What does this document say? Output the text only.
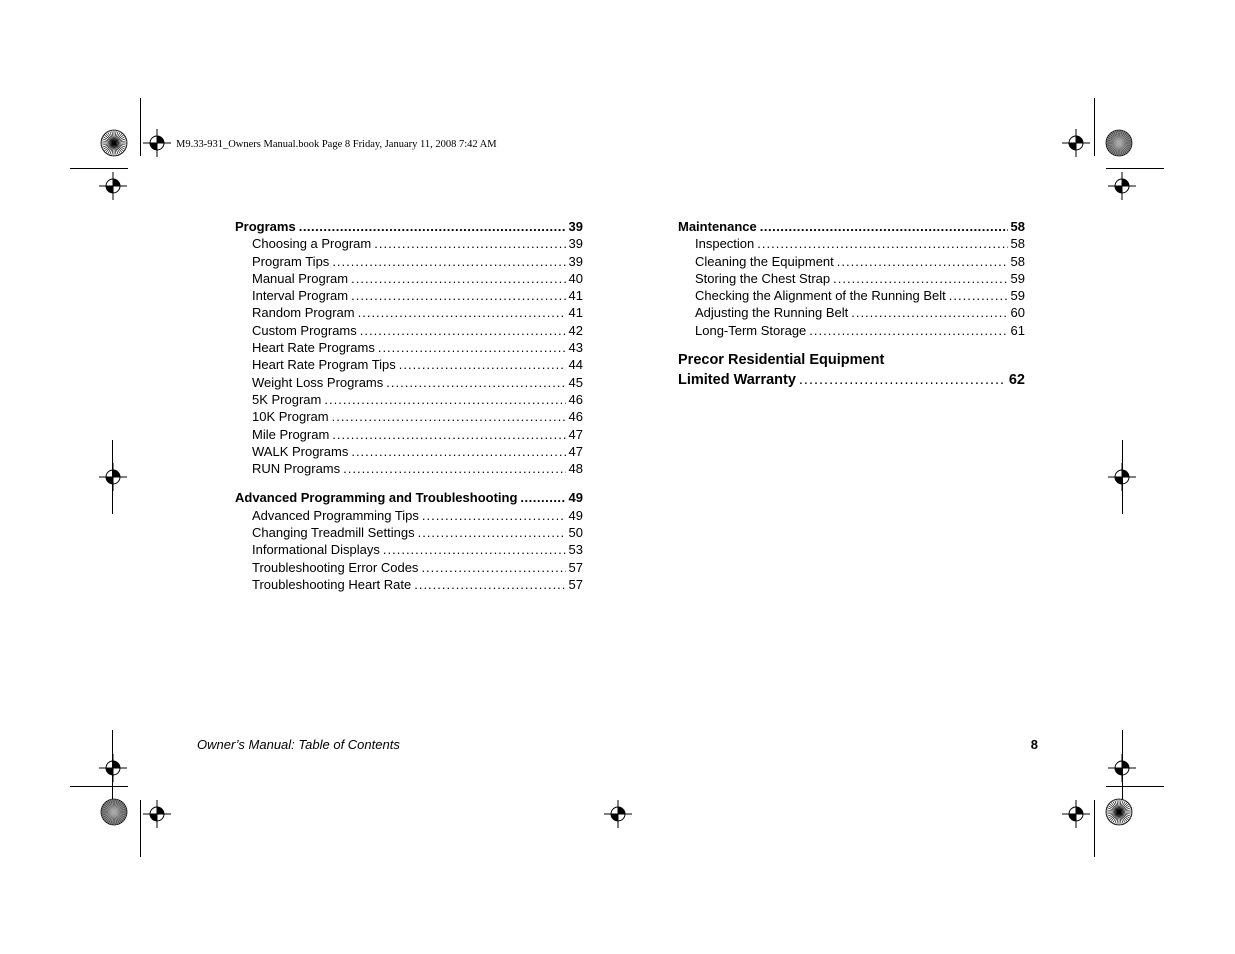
M9.33-931_Owners Manual.book Page 8 Friday, January 11, 2008 7:42 AM
Programs .....	39
Choosing a Program .....	39
Program Tips .....	39
Manual Program .....	40
Interval Program .....	41
Random Program .....	41
Custom Programs .....	42
Heart Rate Programs .....	43
Heart Rate Program Tips .....	44
Weight Loss Programs .....	45
5K Program .....	46
10K Program .....	46
Mile Program .....	47
WALK Programs .....	47
RUN Programs .....	48
Advanced Programming and Troubleshooting .....	49
Advanced Programming Tips .....	49
Changing Treadmill Settings .....	50
Informational Displays .....	53
Troubleshooting Error Codes .....	57
Troubleshooting Heart Rate .....	57
Maintenance .....	58
Inspection .....	58
Cleaning the Equipment .....	58
Storing the Chest Strap .....	59
Checking the Alignment of the Running Belt .....	59
Adjusting the Running Belt .....	60
Long-Term Storage .....	61
Precor Residential Equipment
Limited Warranty .....	62
Owner’s Manual: Table of Contents	8
